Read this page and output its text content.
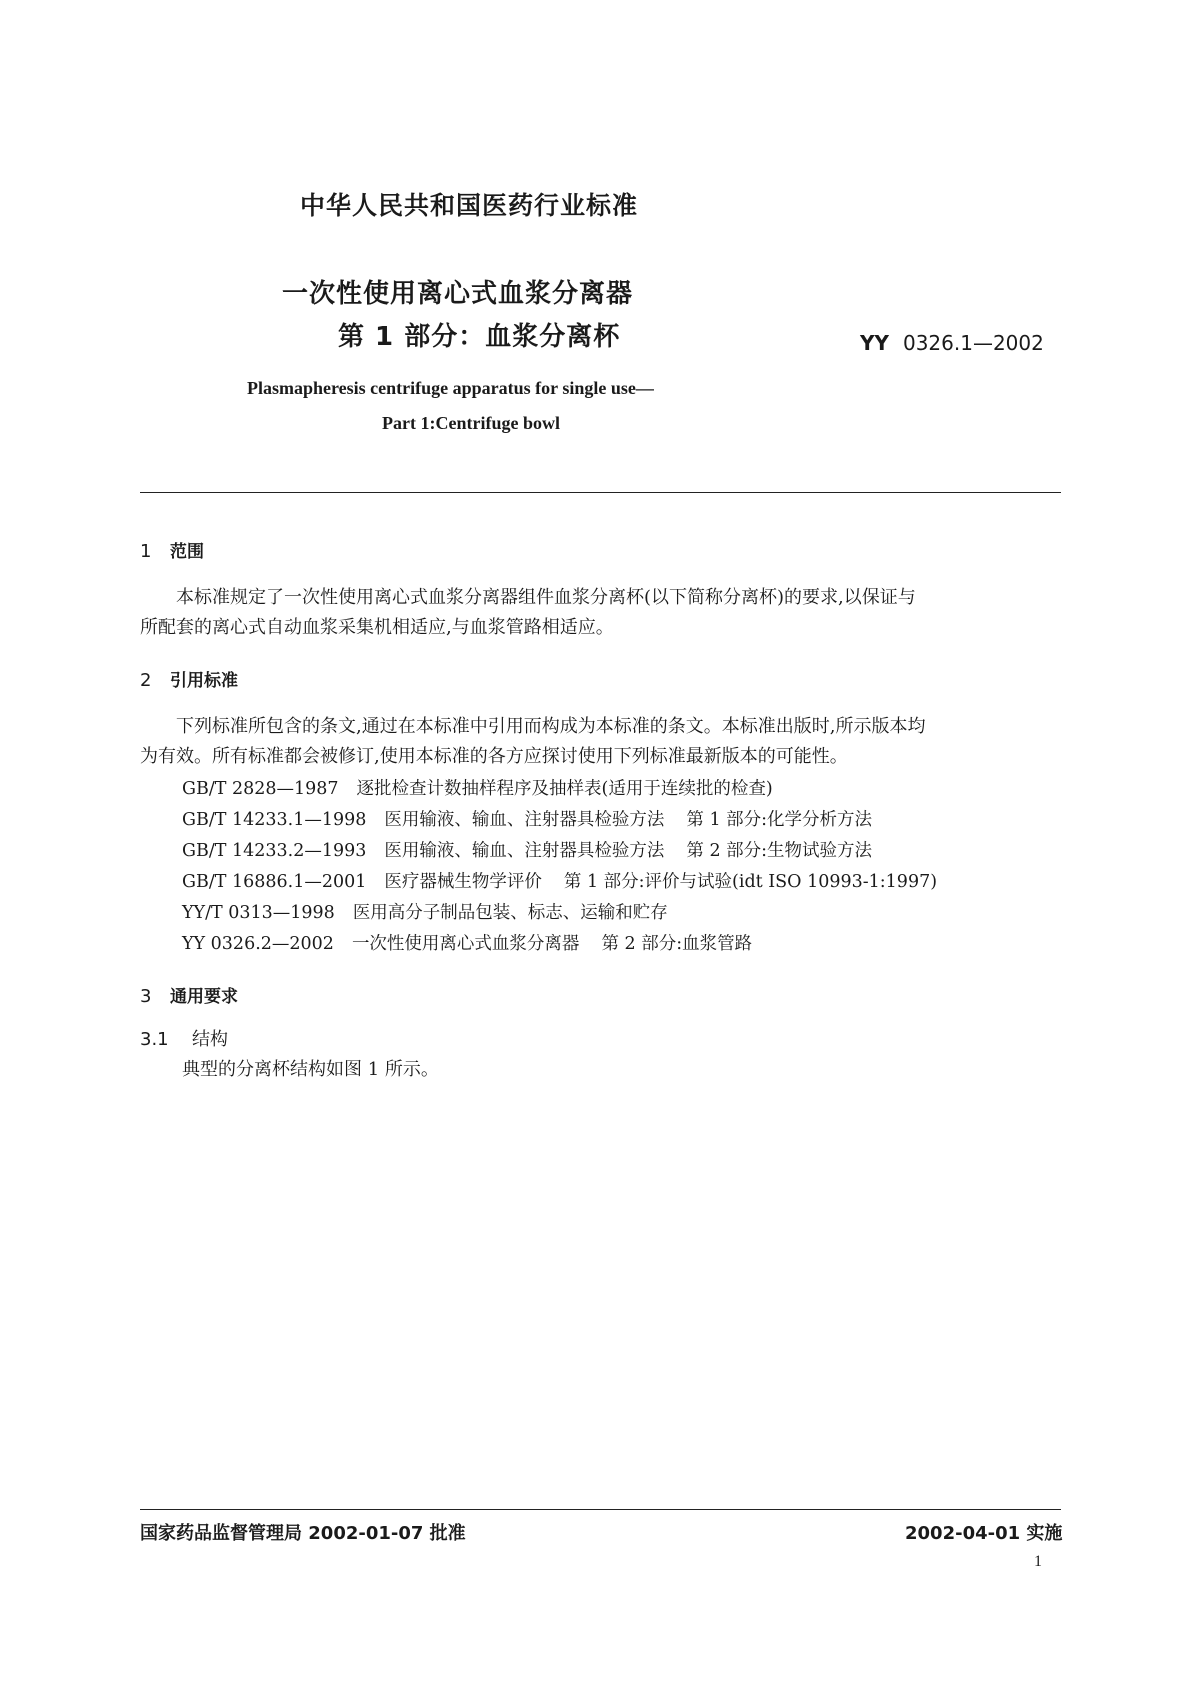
中华人民共和国医药行业标准
一次性使用离心式血浆分离器
第 1 部分：血浆分离杯	YY 0326.1—2002
Plasmapheresis centrifuge apparatus for single use—
Part 1:Centrifuge bowl
1 范围
本标准规定了一次性使用离心式血浆分离器组件血浆分离杯(以下简称分离杯)的要求,以保证与
所配套的离心式自动血浆采集机相适应,与血浆管路相适应。
2 引用标准
下列标准所包含的条文,通过在本标准中引用而构成为本标准的条文。本标准出版时,所示版本均
为有效。所有标准都会被修订,使用本标准的各方应探讨使用下列标准最新版本的可能性。
GB/T 2828—1987 逐批检查计数抽样程序及抽样表(适用于连续批的检查)
GB/T 14233.1—1998 医用输液、输血、注射器具检验方法 第 1 部分:化学分析方法
GB/T 14233.2—1993 医用输液、输血、注射器具检验方法 第 2 部分:生物试验方法
GB/T 16886.1—2001 医疗器械生物学评价 第 1 部分:评价与试验(idt ISO 10993-1:1997)
YY/T 0313—1998 医用高分子制品包装、标志、运输和贮存
YY 0326.2—2002 一次性使用离心式血浆分离器 第 2 部分:血浆管路
3 通用要求
3.1 结构
典型的分离杯结构如图 1 所示。
国家药品监督管理局 2002-01-07 批准	2002-04-01 实施
1
